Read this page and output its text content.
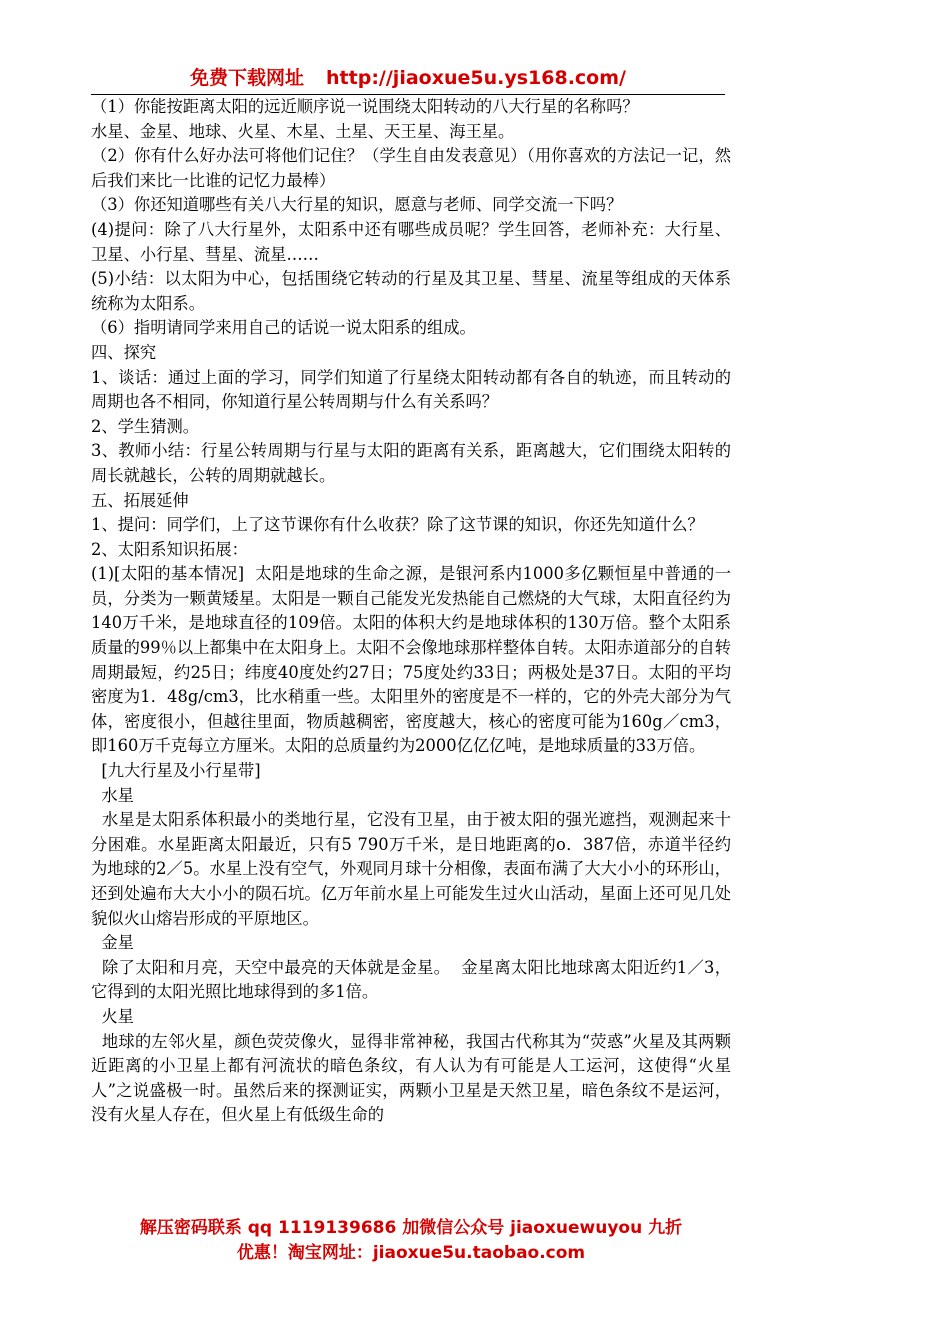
免费下载网址 http://jiaoxue5u.ys168.com/

（1）你能按距离太阳的远近顺序说一说围绕太阳转动的八大行星的名称吗？

水星、金星、地球、火星、木星、土星、天王星、海王星。

（2）你有什么好办法可将他们记住？（学生自由发表意见）（用你喜欢的方法记一记，然后我们来比一比谁的记忆力最棒）

（3）你还知道哪些有关八大行星的知识，愿意与老师、同学交流一下吗？

(4)提问：除了八大行星外，太阳系中还有哪些成员呢？学生回答，老师补充：大行星、卫星、小行星、彗星、流星……

(5)小结：以太阳为中心，包括围绕它转动的行星及其卫星、彗星、流星等组成的天体系统称为太阳系。

（6）指明请同学来用自己的话说一说太阳系的组成。

四、探究

1、谈话：通过上面的学习，同学们知道了行星绕太阳转动都有各自的轨迹，而且转动的周期也各不相同，你知道行星公转周期与什么有关系吗？

2、学生猜测。

3、教师小结：行星公转周期与行星与太阳的距离有关系，距离越大，它们围绕太阳转的周长就越长，公转的周期就越长。

五、拓展延伸

1、提问：同学们，上了这节课你有什么收获？除了这节课的知识，你还先知道什么？

2、太阳系知识拓展：

(1)[太阳的基本情况]  太阳是地球的生命之源，是银河系内1000多亿颗恒星中普通的一员，分类为一颗黄矮星。太阳是一颗自己能发光发热能自己燃烧的大气球，太阳直径约为140万千米，是地球直径的109倍。太阳的体积大约是地球体积的130万倍。整个太阳系质量的99％以上都集中在太阳身上。太阳不会像地球那样整体自转。太阳赤道部分的自转周期最短，约25日；纬度40度处约27日；75度处约33日；两极处是37日。太阳的平均密度为1．48g/cm3，比水稍重一些。太阳里外的密度是不一样的，它的外壳大部分为气体，密度很小，但越往里面，物质越稠密，密度越大，核心的密度可能为160g／cm3，即160万千克每立方厘米。太阳的总质量约为2000亿亿亿吨，是地球质量的33万倍。

[九大行星及小行星带]

水星

水星是太阳系体积最小的类地行星，它没有卫星，由于被太阳的强光遮挡，观测起来十分困难。水星距离太阳最近，只有5 790万千米，是日地距离的o．387倍，赤道半径约为地球的2／5。水星上没有空气，外观同月球十分相像，表面布满了大大小小的环形山，还到处遍布大大小小的陨石坑。亿万年前水星上可能发生过火山活动，星面上还可见几处貌似火山熔岩形成的平原地区。

金星

除了太阳和月亮，天空中最亮的天体就是金星。  金星离太阳比地球离太阳近约1／3，它得到的太阳光照比地球得到的多1倍。

火星

地球的左邻火星，颜色荧荧像火，显得非常神秘，我国古代称其为“荧惑”火星及其两颗近距离的小卫星上都有河流状的暗色条纹，有人认为有可能是人工运河，这使得“火星人”之说盛极一时。虽然后来的探测证实，两颗小卫星是天然卫星，暗色条纹不是运河，没有火星人存在，但火星上有低级生命的

解压密码联系 qq 1119139686 加微信公众号 jiaoxuewuyou 九折
优惠！淘宝网址：jiaoxue5u.taobao.com
